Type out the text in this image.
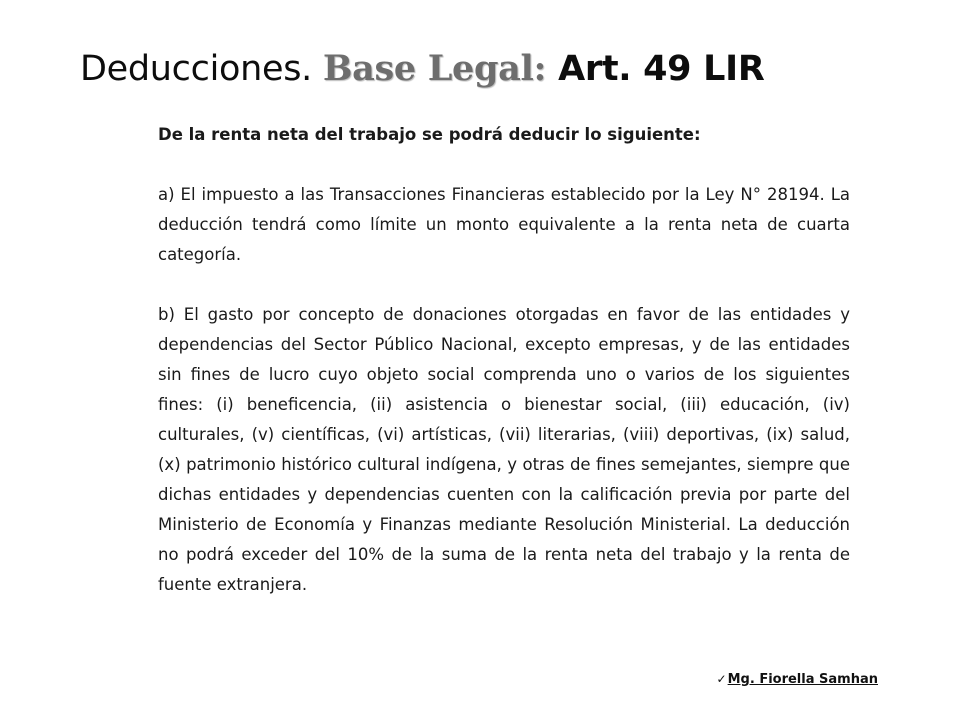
Deducciones. Base Legal: Art. 49 LIR

De la renta neta del trabajo se podrá deducir lo siguiente:

a) El impuesto a las Transacciones Financieras establecido por la Ley N° 28194. La deducción tendrá como límite un monto equivalente a la renta neta de cuarta categoría.

b) El gasto por concepto de donaciones otorgadas en favor de las entidades y dependencias del Sector Público Nacional, excepto empresas, y de las entidades sin fines de lucro cuyo objeto social comprenda uno o varios de los siguientes fines: (i) beneficencia, (ii) asistencia o bienestar social, (iii) educación, (iv) culturales, (v) científicas, (vi) artísticas, (vii) literarias, (viii) deportivas, (ix) salud, (x) patrimonio histórico cultural indígena, y otras de fines semejantes, siempre que dichas entidades y dependencias cuenten con la calificación previa por parte del Ministerio de Economía y Finanzas mediante Resolución Ministerial. La deducción no podrá exceder del 10% de la suma de la renta neta del trabajo y la renta de fuente extranjera.

✓Mg. Fiorella Samhan
